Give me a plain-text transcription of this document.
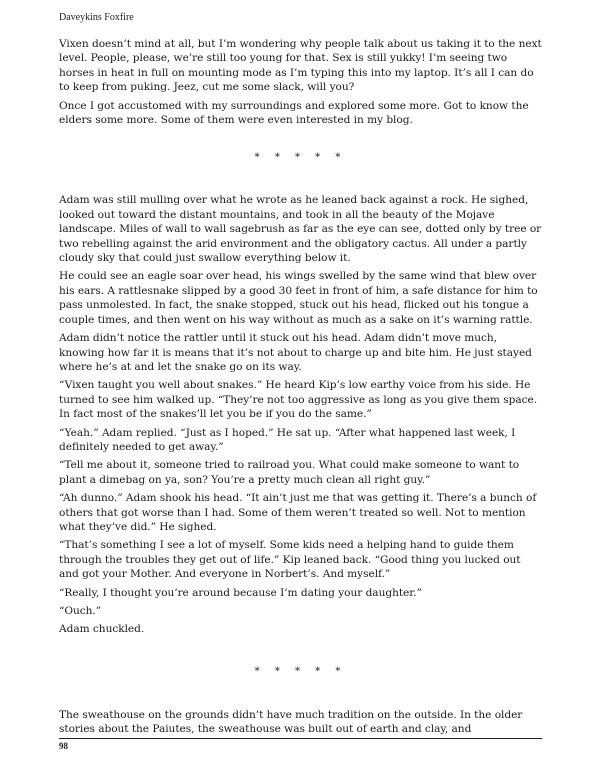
Daveykins Foxfire

Vixen doesn’t mind at all, but I’m wondering why people talk about us taking it to the next level. People, please, we’re still too young for that. Sex is still yukky! I’m seeing two horses in heat in full on mounting mode as I’m typing this into my laptop. It’s all I can do to keep from puking. Jeez, cut me some slack, will you?

Once I got accustomed with my surroundings and explored some more. Got to know the elders some more. Some of them were even interested in my blog.

* * * * *

Adam was still mulling over what he wrote as he leaned back against a rock. He sighed, looked out toward the distant mountains, and took in all the beauty of the Mojave landscape. Miles of wall to wall sagebrush as far as the eye can see, dotted only by tree or two rebelling against the arid environment and the obligatory cactus. All under a partly cloudy sky that could just swallow everything below it.

He could see an eagle soar over head, his wings swelled by the same wind that blew over his ears. A rattlesnake slipped by a good 30 feet in front of him, a safe distance for him to pass unmolested. In fact, the snake stopped, stuck out his head, flicked out his tongue a couple times, and then went on his way without as much as a sake on it’s warning rattle.

Adam didn’t notice the rattler until it stuck out his head. Adam didn’t move much, knowing how far it is means that it’s not about to charge up and bite him. He just stayed where he’s at and let the snake go on its way.

“Vixen taught you well about snakes.” He heard Kip’s low earthy voice from his side. He turned to see him walked up. “They’re not too aggressive as long as you give them space. In fact most of the snakes’ll let you be if you do the same.”

“Yeah.” Adam replied. “Just as I hoped.” He sat up. “After what happened last week, I definitely needed to get away.”

“Tell me about it, someone tried to railroad you. What could make someone to want to plant a dimebag on ya, son? You’re a pretty much clean all right guy.”

“Ah dunno.” Adam shook his head. “It ain’t just me that was getting it. There’s a bunch of others that got worse than I had. Some of them weren’t treated so well. Not to mention what they’ve did.” He sighed.

“That’s something I see a lot of myself. Some kids need a helping hand to guide them through the troubles they get out of life.” Kip leaned back. “Good thing you lucked out and got your Mother. And everyone in Norbert’s. And myself.”

“Really, I thought you’re around because I’m dating your daughter.”

“Ouch.”

Adam chuckled.

* * * * *

The sweathouse on the grounds didn’t have much tradition on the outside. In the older stories about the Paiutes, the sweathouse was built out of earth and clay, and

98
